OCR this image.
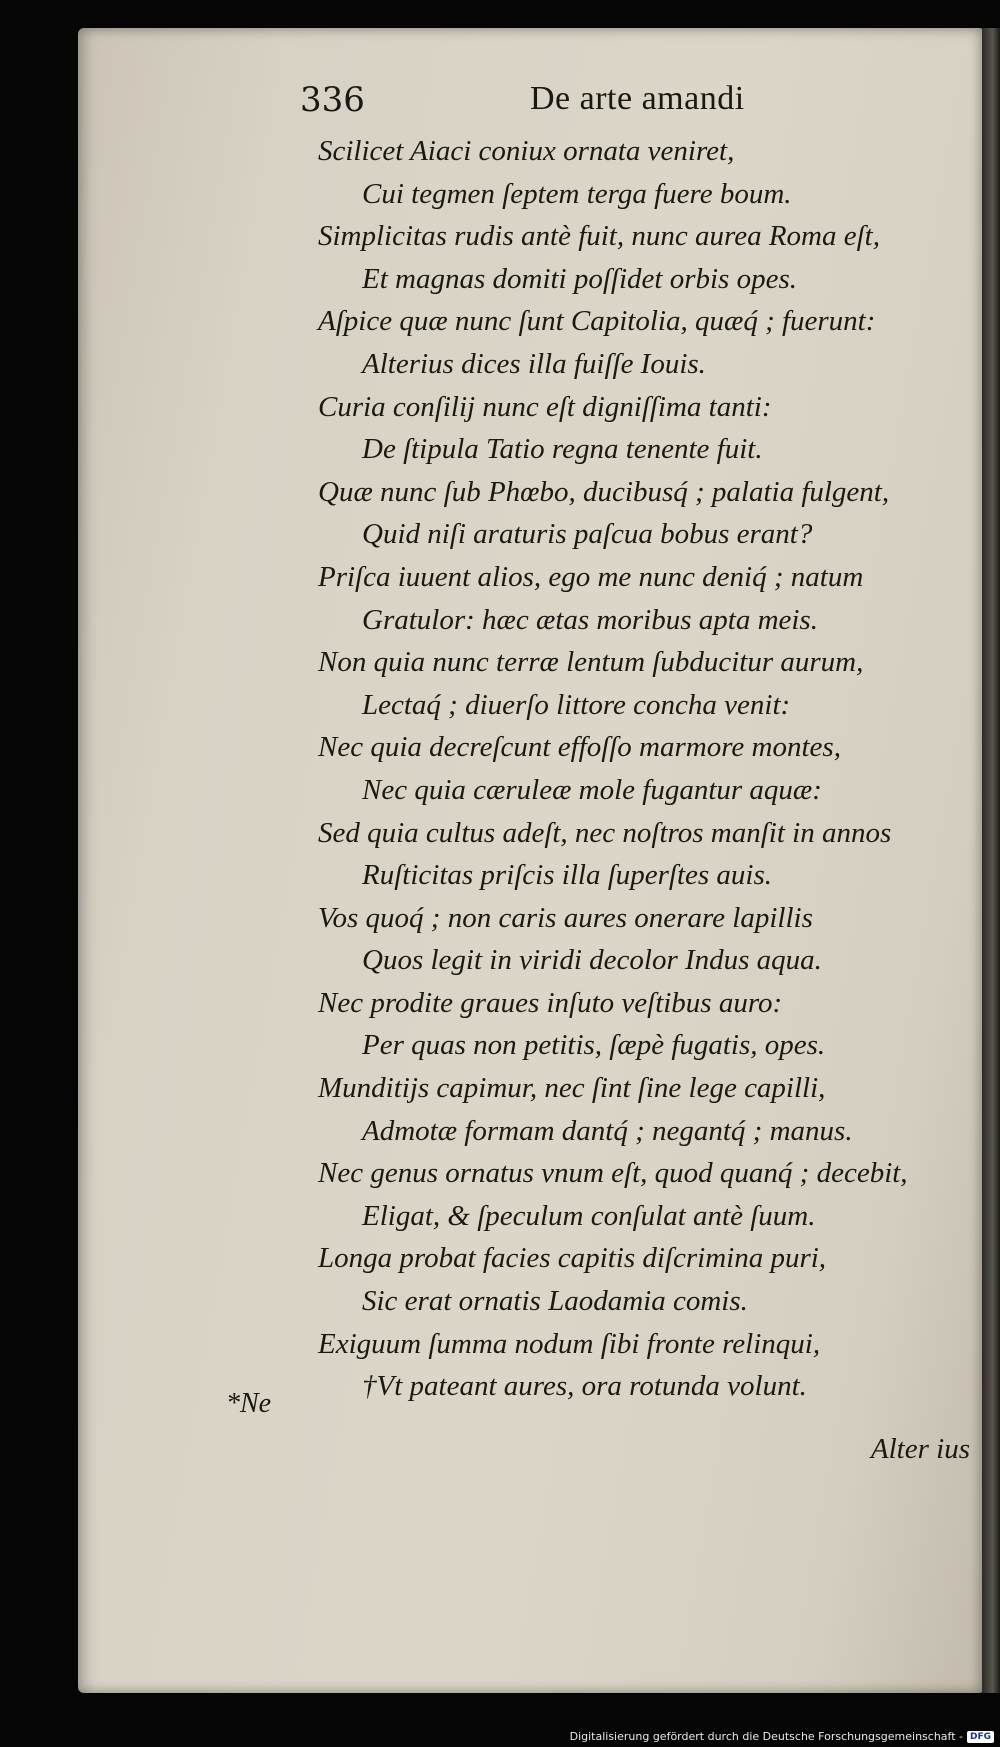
336	De arte amandi
Scilicet Aiaci coniux ornata veniret,
Cui tegmen ſeptem terga fuere boum.
Simplicitas rudis antè fuit, nunc aurea Roma eſt,
Et magnas domiti poſſidet orbis opes.
Aſpice quæ nunc ſunt Capitolia, quæq́ ; fuerunt:
Alterius dices illa fuiſſe Iouis.
Curia conſilij nunc eſt digniſſima tanti:
De ſtipula Tatio regna tenente fuit.
Quæ nunc ſub Phœbo, ducibusq́ ; palatia fulgent,
Quid niſi araturis paſcua bobus erant?
Priſca iuuent alios, ego me nunc deniq́ ; natum
Gratulor: hæc ætas moribus apta meis.
Non quia nunc terræ lentum ſubducitur aurum,
Lectaq́ ; diuerſo littore concha venit:
Nec quia decreſcunt effoſſo marmore montes,
Nec quia cæruleæ mole fugantur aquæ:
Sed quia cultus adeſt, nec noſtros manſit in annos
Ruſticitas priſcis illa ſuperſtes auis.
Vos quoq́ ; non caris aures onerare lapillis
Quos legit in viridi decolor Indus aqua.
Nec prodite graues inſuto veſtibus auro:
Per quas non petitis, ſæpè fugatis, opes.
Munditijs capimur, nec ſint ſine lege capilli,
Admotæ formam dantq́ ; negantq́ ; manus.
Nec genus ornatus vnum eſt, quod quanq́ ; decebit,
Eligat, & ſpeculum conſulat antè ſuum.
Longa probat facies capitis diſcrimina puri,
Sic erat ornatis Laodamia comis.
Exiguum ſumma nodum ſibi fronte relinqui,
†Vt pateant aures, ora rotunda volunt.
*Ne
Alter ius
Digitalisierung gefördert durch die Deutsche Forschungsgemeinschaft - DFG
